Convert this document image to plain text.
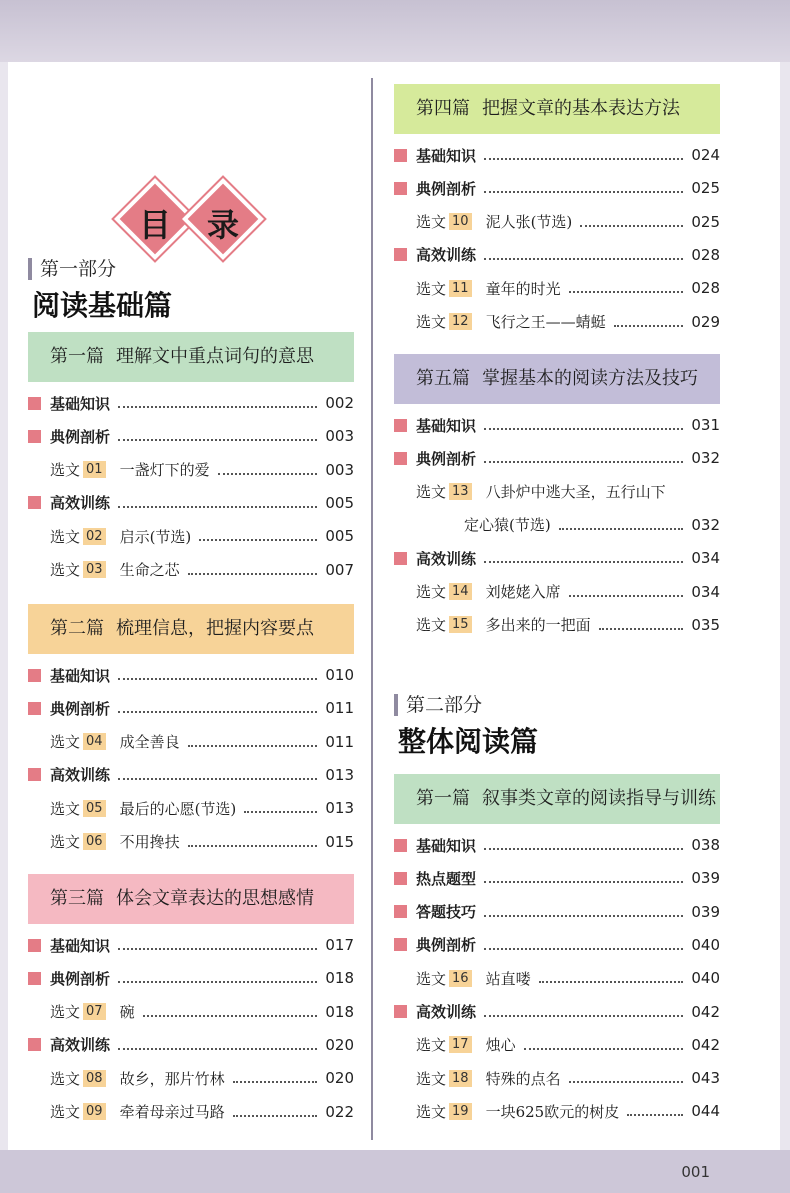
001
目 录
第一部分
阅读基础篇
第一篇 理解文中重点词句的意思
基础知识	002
典例剖析	003
选文 01 一盏灯下的爱	003
高效训练	005
选文 02 启示(节选)	005
选文 03 生命之芯	007
第二篇 梳理信息，把握内容要点
基础知识	010
典例剖析	011
选文 04 成全善良	011
高效训练	013
选文 05 最后的心愿(节选)	013
选文 06 不用搀扶	015
第三篇 体会文章表达的思想感情
基础知识	017
典例剖析	018
选文 07 碗	018
高效训练	020
选文 08 故乡，那片竹林	020
选文 09 牵着母亲过马路	022
第四篇 把握文章的基本表达方法
基础知识	024
典例剖析	025
选文 10 泥人张(节选)	025
高效训练	028
选文 11 童年的时光	028
选文 12 飞行之王——蜻蜓	029
第五篇 掌握基本的阅读方法及技巧
基础知识	031
典例剖析	032
选文 13 八卦炉中逃大圣，五行山下
定心猿(节选)	032
高效训练	034
选文 14 刘姥姥入席	034
选文 15 多出来的一把面	035
第二部分
整体阅读篇
第一篇 叙事类文章的阅读指导与训练
基础知识	038
热点题型	039
答题技巧	039
典例剖析	040
选文 16 站直喽	040
高效训练	042
选文 17 烛心	042
选文 18 特殊的点名	043
选文 19 一块625欧元的树皮	044
